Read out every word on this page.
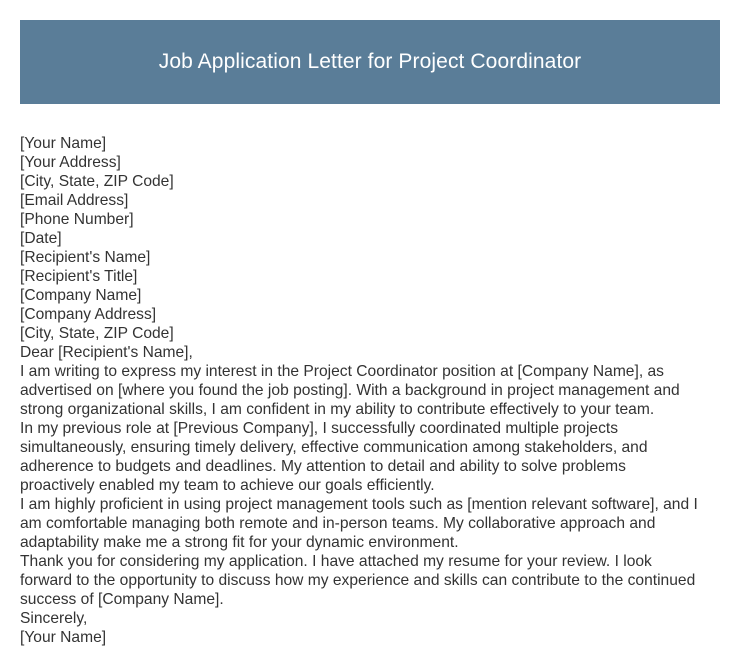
Job Application Letter for Project Coordinator
[Your Name]
[Your Address]
[City, State, ZIP Code]
[Email Address]
[Phone Number]
[Date]
[Recipient's Name]
[Recipient's Title]
[Company Name]
[Company Address]
[City, State, ZIP Code]
Dear [Recipient's Name],
I am writing to express my interest in the Project Coordinator position at [Company Name], as
advertised on [where you found the job posting]. With a background in project management and
strong organizational skills, I am confident in my ability to contribute effectively to your team.
In my previous role at [Previous Company], I successfully coordinated multiple projects
simultaneously, ensuring timely delivery, effective communication among stakeholders, and
adherence to budgets and deadlines. My attention to detail and ability to solve problems
proactively enabled my team to achieve our goals efficiently.
I am highly proficient in using project management tools such as [mention relevant software], and I
am comfortable managing both remote and in-person teams. My collaborative approach and
adaptability make me a strong fit for your dynamic environment.
Thank you for considering my application. I have attached my resume for your review. I look
forward to the opportunity to discuss how my experience and skills can contribute to the continued
success of [Company Name].
Sincerely,
[Your Name]
